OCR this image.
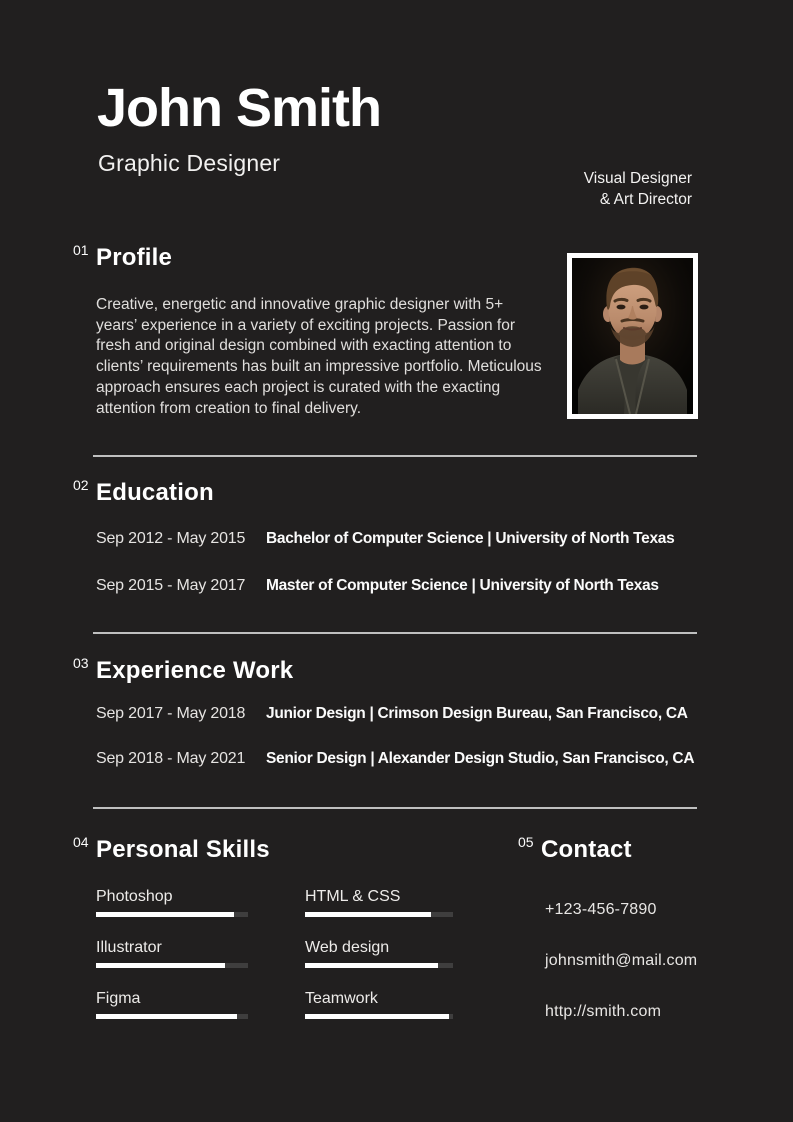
John Smith
Graphic Designer
Visual Designer
& Art Director
01 Profile

Creative, energetic and innovative graphic designer with 5+ years’ experience in a variety of exciting projects. Passion for fresh and original design combined with exacting attention to clients’ requirements has built an impressive portfolio. Meticulous approach ensures each project is curated with the exacting attention from creation to final delivery.

02 Education
Sep 2012 - May 2015 Bachelor of Computer Science | University of North Texas
Sep 2015 - May 2017 Master of Computer Science | University of North Texas
03 Experience Work
Sep 2017 - May 2018 Junior Design | Crimson Design Bureau, San Francisco, CA
Sep 2018 - May 2021 Senior Design | Alexander Design Studio, San Francisco, CA
04 Personal Skills
Photoshop	HTML & CSS
Illustrator	Web design
Figma	Teamwork
05 Contact
+123-456-7890
johnsmith@mail.com
http://smith.com
